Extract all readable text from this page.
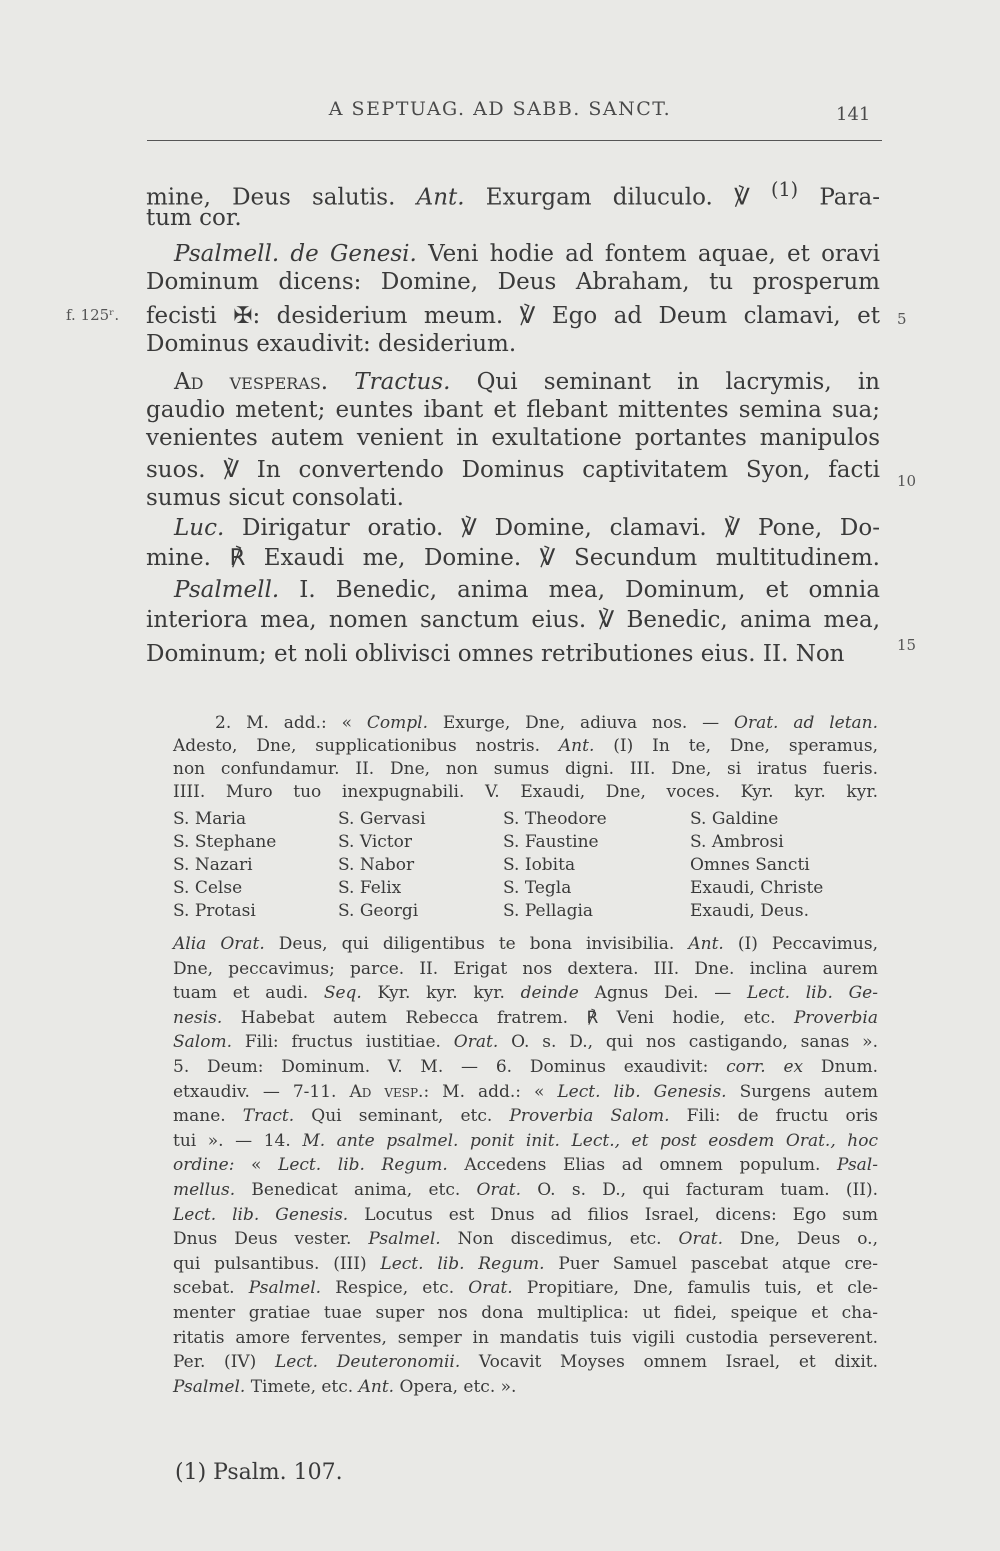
A SEPTUAG. AD SABB. SANCT.	141
mine, Deus salutis. Ant. Exurgam diluculo. ℣ $^{(1)}$ Para-
tum cor.
Psalmell. de Genesi. Veni hodie ad fontem aquae, et oravi
Dominum dicens: Domine, Deus Abraham, tu prosperum
fecisti ✠: desiderium meum. ℣ Ego ad Deum clamavi, et
Dominus exaudivit: desiderium.
Ad vesperas. Tractus. Qui seminant in lacrymis, in
gaudio metent; euntes ibant et flebant mittentes semina sua;
venientes autem venient in exultatione portantes manipulos
suos. ℣ In convertendo Dominus captivitatem Syon, facti
sumus sicut consolati.
Luc. Dirigatur oratio. ℣ Domine, clamavi. ℣ Pone, Do-
mine. ℟ Exaudi me, Domine. ℣ Secundum multitudinem.
Psalmell. I. Benedic, anima mea, Dominum, et omnia
interiora mea, nomen sanctum eius. ℣ Benedic, anima mea,
Dominum; et noli oblivisci omnes retributiones eius. II. Non
f. 125ʳ.	5
10
15
2. M. add.: « Compl. Exurge, Dne, adiuva nos. — Orat. ad letan.
Adesto, Dne, supplicationibus nostris. Ant. (I) In te, Dne, speramus,
non confundamur. II. Dne, non sumus digni. III. Dne, si iratus fueris.
IIII. Muro tuo inexpugnabili. V. Exaudi, Dne, voces. Kyr. kyr. kyr.
S. Maria
S. Stephane
S. Nazari
S. Celse
S. Protasi
S. Gervasi
S. Victor
S. Nabor
S. Felix
S. Georgi
S. Theodore
S. Faustine
S. Iobita
S. Tegla
S. Pellagia
S. Galdine
S. Ambrosi
Omnes Sancti
Exaudi, Christe
Exaudi, Deus.
Alia Orat. Deus, qui diligentibus te bona invisibilia. Ant. (I) Peccavimus,
Dne, peccavimus; parce. II. Erigat nos dextera. III. Dne. inclina aurem
tuam et audi. Seq. Kyr. kyr. kyr. deinde Agnus Dei. — Lect. lib. Ge-
nesis. Habebat autem Rebecca fratrem. ℟ Veni hodie, etc. Proverbia
Salom. Fili: fructus iustitiae. Orat. O. s. D., qui nos castigando, sanas ».
5. Deum: Dominum. V. M. — 6. Dominus exaudivit: corr. ex Dnum.
etxaudiv. — 7-11. Ad vesp.: M. add.: « Lect. lib. Genesis. Surgens autem
mane. Tract. Qui seminant, etc. Proverbia Salom. Fili: de fructu oris
tui ». — 14. M. ante psalmel. ponit init. Lect., et post eosdem Orat., hoc
ordine: « Lect. lib. Regum. Accedens Elias ad omnem populum. Psal-
mellus. Benedicat anima, etc. Orat. O. s. D., qui facturam tuam. (II).
Lect. lib. Genesis. Locutus est Dnus ad filios Israel, dicens: Ego sum
Dnus Deus vester. Psalmel. Non discedimus, etc. Orat. Dne, Deus o.,
qui pulsantibus. (III) Lect. lib. Regum. Puer Samuel pascebat atque cre-
scebat. Psalmel. Respice, etc. Orat. Propitiare, Dne, famulis tuis, et cle-
menter gratiae tuae super nos dona multiplica: ut fidei, speique et cha-
ritatis amore ferventes, semper in mandatis tuis vigili custodia perseverent.
Per. (IV) Lect. Deuteronomii. Vocavit Moyses omnem Israel, et dixit.
Psalmel. Timete, etc. Ant. Opera, etc. ».
(1) Psalm. 107.
